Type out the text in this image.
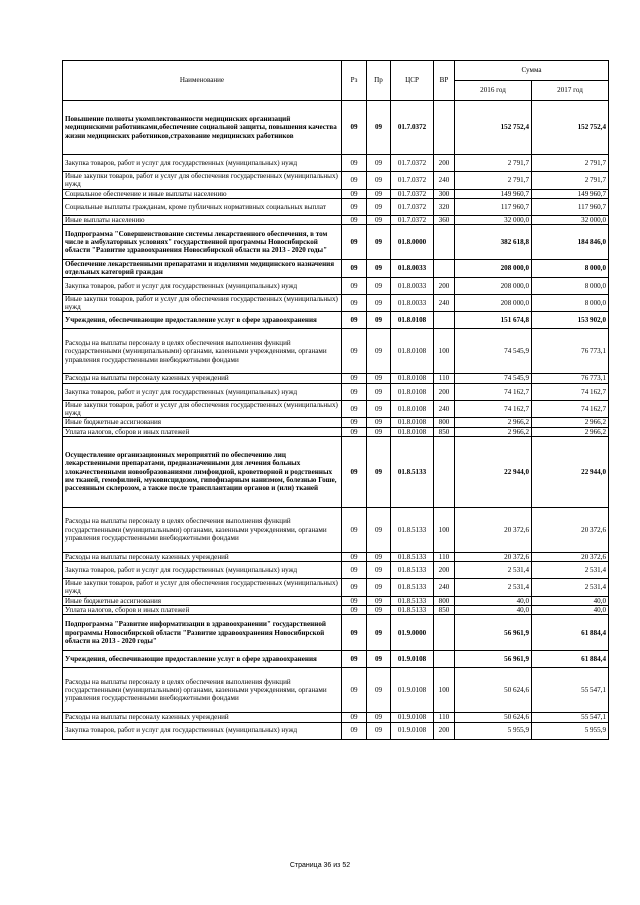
Наименование	Рз	Пр	ЦСР	ВР	Сумма	
					2016 год	2017 год
Повышение полноты укомплектованности медицинских организаций медицинскими работниками,обеспечение социальной защиты, повышения качества жизни медицинских работников,страхование медицинских работников	09	09	01.7.0372		152 752,4	152 752,4
Закупка товаров, работ и услуг для государственных (муниципальных) нужд	09	09	01.7.0372	200	2 791,7	2 791,7
Иные закупки товаров, работ и услуг для обеспечения государственных (муниципальных) нужд	09	09	01.7.0372	240	2 791,7	2 791,7
Социальное обеспечение и иные выплаты населению	09	09	01.7.0372	300	149 960,7	149 960,7
Социальные выплаты гражданам, кроме публичных нормативных социальных выплат	09	09	01.7.0372	320	117 960,7	117 960,7
Иные выплаты населению	09	09	01.7.0372	360	32 000,0	32 000,0
Подпрограмма "Совершенствование системы лекарственного обеспечения, в том числе в амбулаторных условиях" государственной программы Новосибирской области "Развитие здравоохранения Новосибирской области на 2013 - 2020 годы"	09	09	01.8.0000		382 618,8	184 846,0
Обеспечение лекарственными препаратами и изделиями медицинского назначения отдельных категорий граждан	09	09	01.8.0033		208 000,0	8 000,0
Закупка товаров, работ и услуг для государственных (муниципальных) нужд	09	09	01.8.0033	200	208 000,0	8 000,0
Иные закупки товаров, работ и услуг для обеспечения государственных (муниципальных) нужд	09	09	01.8.0033	240	208 000,0	8 000,0
Учреждения, обеспечивающие предоставление услуг в сфере здравоохранения	09	09	01.8.0108		151 674,8	153 902,0
Расходы на выплаты персоналу в целях обеспечения выполнения функций государственными (муниципальными) органами, казенными учреждениями, органами управления государственными внебюджетными фондами	09	09	01.8.0108	100	74 545,9	76 773,1
Расходы на выплаты персоналу казенных учреждений	09	09	01.8.0108	110	74 545,9	76 773,1
Закупка товаров, работ и услуг для государственных (муниципальных) нужд	09	09	01.8.0108	200	74 162,7	74 162,7
Иные закупки товаров, работ и услуг для обеспечения государственных (муниципальных) нужд	09	09	01.8.0108	240	74 162,7	74 162,7
Иные бюджетные ассигнования	09	09	01.8.0108	800	2 966,2	2 966,2
Уплата налогов, сборов и иных платежей	09	09	01.8.0108	850	2 966,2	2 966,2
Осуществление организационных мероприятий по обеспечению лиц лекарственными препаратами, предназначенными для лечения больных злокачественными новообразованиями лимфоидной, кроветворной и родственных им тканей, гемофилией, муковисцидозом, гипофизарным нанизмом, болезнью Гоше, рассеянным склерозом, а также после трансплантации органов и (или) тканей	09	09	01.8.5133		22 944,0	22 944,0
Расходы на выплаты персоналу в целях обеспечения выполнения функций государственными (муниципальными) органами, казенными учреждениями, органами управления государственными внебюджетными фондами	09	09	01.8.5133	100	20 372,6	20 372,6
Расходы на выплаты персоналу казенных учреждений	09	09	01.8.5133	110	20 372,6	20 372,6
Закупка товаров, работ и услуг для государственных (муниципальных) нужд	09	09	01.8.5133	200	2 531,4	2 531,4
Иные закупки товаров, работ и услуг для обеспечения государственных (муниципальных) нужд	09	09	01.8.5133	240	2 531,4	2 531,4
Иные бюджетные ассигнования	09	09	01.8.5133	800	40,0	40,0
Уплата налогов, сборов и иных платежей	09	09	01.8.5133	850	40,0	40,0
Подпрограмма "Развитие информатизации в здравоохранении" государственной программы Новосибирской области "Развитие здравоохранения Новосибирской области на 2013 - 2020 годы"	09	09	01.9.0000		56 961,9	61 884,4
Учреждения, обеспечивающие предоставление услуг в сфере здравоохранения	09	09	01.9.0108		56 961,9	61 884,4
Расходы на выплаты персоналу в целях обеспечения выполнения функций государственными (муниципальными) органами, казенными учреждениями, органами управления государственными внебюджетными фондами	09	09	01.9.0108	100	50 624,6	55 547,1
Расходы на выплаты персоналу казенных учреждений	09	09	01.9.0108	110	50 624,6	55 547,1
Закупка товаров, работ и услуг для государственных (муниципальных) нужд	09	09	01.9.0108	200	5 955,9	5 955,9
Страница 36 из 52
